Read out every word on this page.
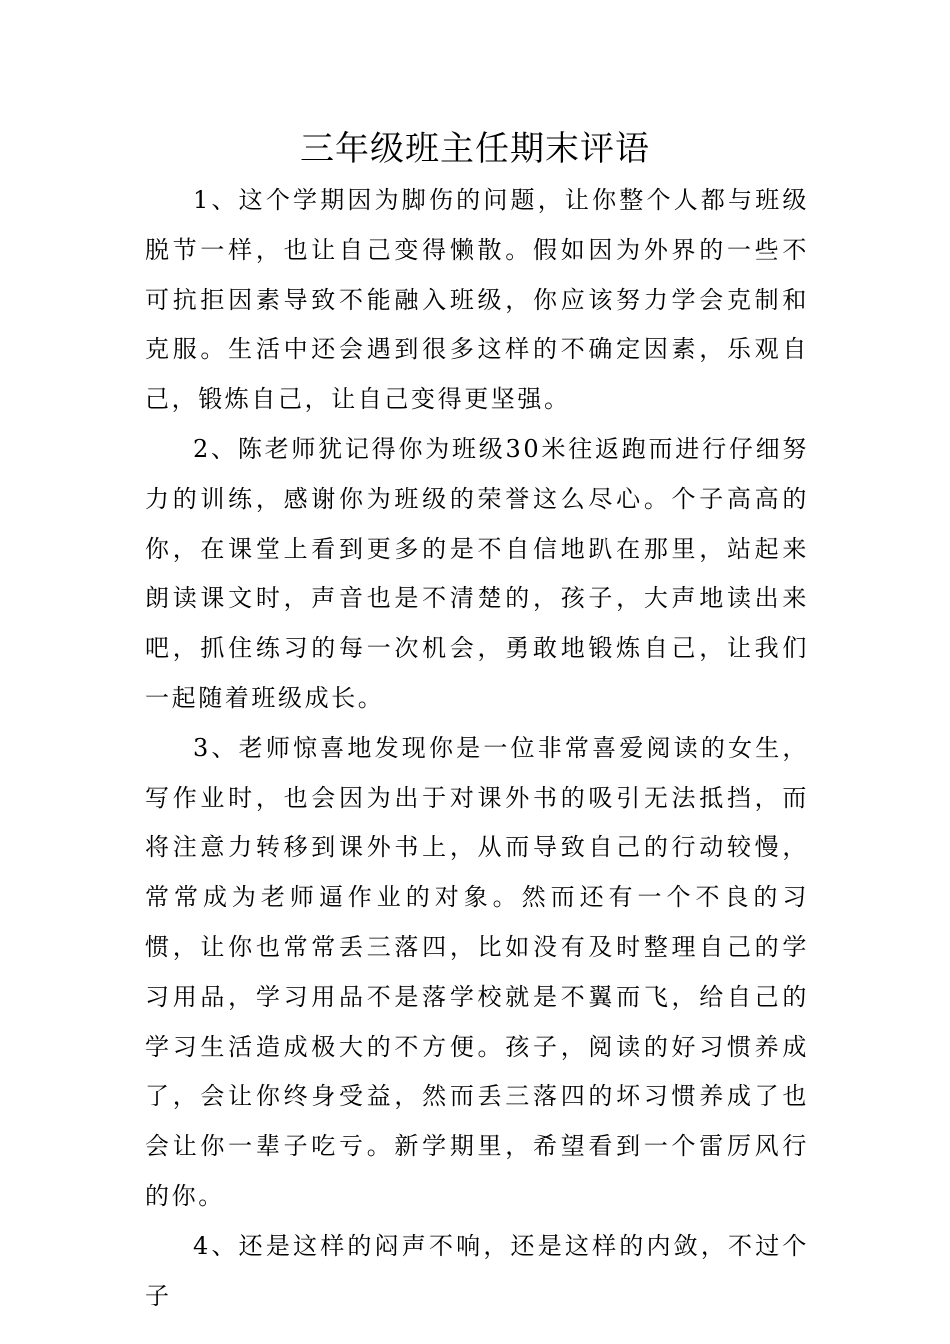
三年级班主任期末评语

1、这个学期因为脚伤的问题，让你整个人都与班级脱节一样，也让自己变得懒散。假如因为外界的一些不可抗拒因素导致不能融入班级，你应该努力学会克制和克服。生活中还会遇到很多这样的不确定因素，乐观自己，锻炼自己，让自己变得更坚强。

2、陈老师犹记得你为班级30米往返跑而进行仔细努力的训练，感谢你为班级的荣誉这么尽心。个子高高的你，在课堂上看到更多的是不自信地趴在那里，站起来朗读课文时，声音也是不清楚的，孩子，大声地读出来吧，抓住练习的每一次机会，勇敢地锻炼自己，让我们一起随着班级成长。

3、老师惊喜地发现你是一位非常喜爱阅读的女生，写作业时，也会因为出于对课外书的吸引无法抵挡，而将注意力转移到课外书上，从而导致自己的行动较慢，常常成为老师逼作业的对象。然而还有一个不良的习惯，让你也常常丢三落四，比如没有及时整理自己的学习用品，学习用品不是落学校就是不翼而飞，给自己的学习生活造成极大的不方便。孩子，阅读的好习惯养成了，会让你终身受益，然而丢三落四的坏习惯养成了也会让你一辈子吃亏。新学期里，希望看到一个雷厉风行的你。

4、还是这样的闷声不响，还是这样的内敛，不过个子
